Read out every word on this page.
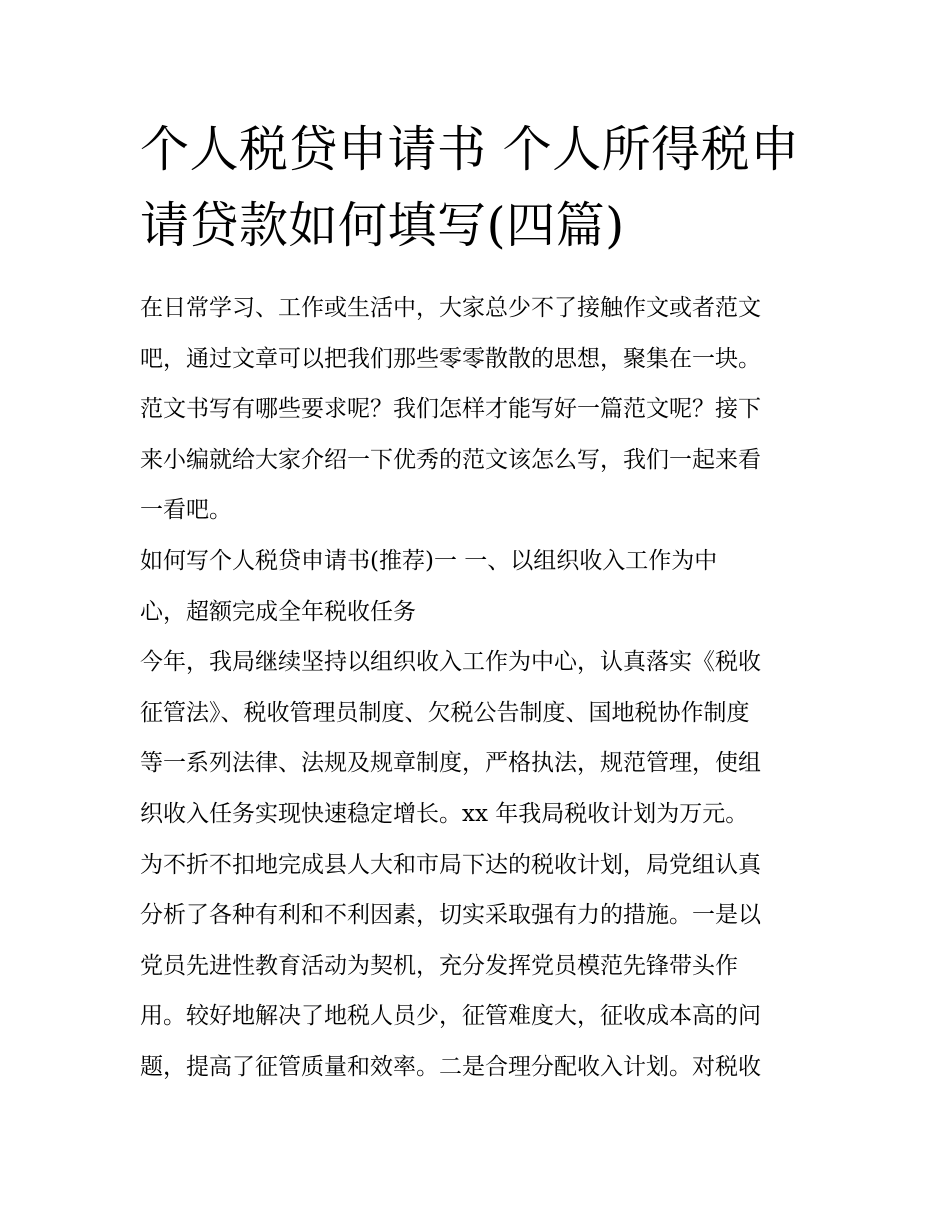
个人税贷申请书 个人所得税申
请贷款如何填写(四篇)

在日常学习、工作或生活中，大家总少不了接触作文或者范文
吧，通过文章可以把我们那些零零散散的思想，聚集在一块。
范文书写有哪些要求呢？我们怎样才能写好一篇范文呢？接下
来小编就给大家介绍一下优秀的范文该怎么写，我们一起来看
一看吧。

如何写个人税贷申请书(推荐)一 一、以组织收入工作为中
心，超额完成全年税收任务

今年，我局继续坚持以组织收入工作为中心，认真落实《税收
征管法》、税收管理员制度、欠税公告制度、国地税协作制度
等一系列法律、法规及规章制度，严格执法，规范管理，使组
织收入任务实现快速稳定增长。xx 年我局税收计划为万元。
为不折不扣地完成县人大和市局下达的税收计划，局党组认真
分析了各种有利和不利因素，切实采取强有力的措施。一是以
党员先进性教育活动为契机，充分发挥党员模范先锋带头作
用。较好地解决了地税人员少，征管难度大，征收成本高的问
题，提高了征管质量和效率。二是合理分配收入计划。对税收
